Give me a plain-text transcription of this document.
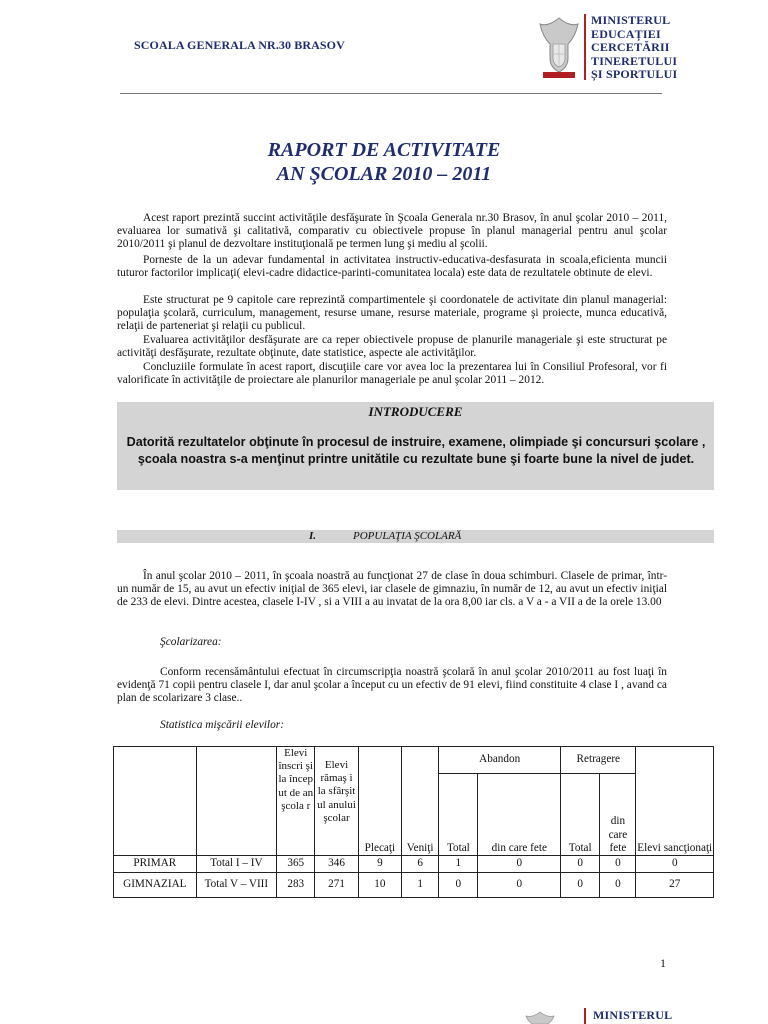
SCOALA GENERALA NR.30 BRASOV
MINISTERUL
EDUCAȚIEI
CERCETĂRII
TINERETULUI
ȘI SPORTULUI
RAPORT DE ACTIVITATE
AN ŞCOLAR 2010 – 2011

Acest raport prezintă succint activităţile desfăşurate în Şcoala Generala nr.30 Brasov, în anul şcolar 2010 – 2011, evaluarea lor sumativă şi calitativă, comparativ cu obiectivele propuse în planul managerial pentru anul şcolar 2010/2011 şi planul de dezvoltare instituţională pe termen lung şi mediu al şcolii.

Porneste de la un adevar fundamental in activitatea instructiv-educativa-desfasurata in scoala,eficienta muncii tuturor factorilor implicaţi( elevi-cadre didactice-parinti-comunitatea locala) este data de rezultatele obtinute de elevi.

Este structurat pe 9 capitole care reprezintă compartimentele şi coordonatele de activitate din planul managerial: populaţia şcolară, curriculum, management, resurse umane, resurse materiale, programe şi proiecte, munca educativă, relaţii de parteneriat şi relaţii cu publicul.

Evaluarea activităţilor desfăşurate are ca reper obiectivele propuse de planurile manageriale şi este structurat pe activităţi desfăşurate, rezultate obţinute, date statistice, aspecte ale activităţilor.

Concluziile formulate în acest raport, discuţiile care vor avea loc la prezentarea lui în Consiliul Profesoral, vor fi valorificate în activităţile de proiectare ale planurilor manageriale pe anul şcolar 2011 – 2012.

INTRODUCERE
Datorită rezultatelor obţinute în procesul de instruire, examene, olimpiade şi concursuri şcolare , şcoala noastra s-a menţinut printre unitătile cu rezultate bune şi foarte bune la nivel de judet.
I.	POPULAŢIA ŞCOLARĂ

În anul şcolar 2010 – 2011, în şcoala noastră au funcţionat 27 de clase în doua schimburi. Clasele de primar, într-un număr de 15, au avut un efectiv iniţial de 365 elevi, iar clasele de gimnaziu, în număr de 12, au avut un efectiv iniţial de 233 de elevi. Dintre acestea, clasele I-IV , si a VIII a au invatat de la ora 8,00 iar cls. a V a - a VII a de la orele 13.00

Şcolarizarea:

Conform recensământului efectuat în circumscripţia noastră şcolară în anul şcolar 2010/2011 au fost luaţi în evidenţă 71 copii pentru clasele I, dar anul şcolar a început cu un efectiv de 91 elevi, fiind constituite 4 clase I , avand ca plan de scolarizare 3 clase..

Statistica mişcării elevilor:
		Elevi înscri şi la încep ut de an şcola r	Elevi rămaş i la sfârşit ul anului şcolar	Plecaţi	Veniţi	Abandon		Retragere		Elevi sancţionaţi
						Total	din care fete	Total	din care fete	
PRIMAR	Total I – IV	365	346	9	6	1	0	0	0	0
GIMNAZIAL	Total V – VIII	283	271	10	1	0	0	0	0	27
1
MINISTERUL
